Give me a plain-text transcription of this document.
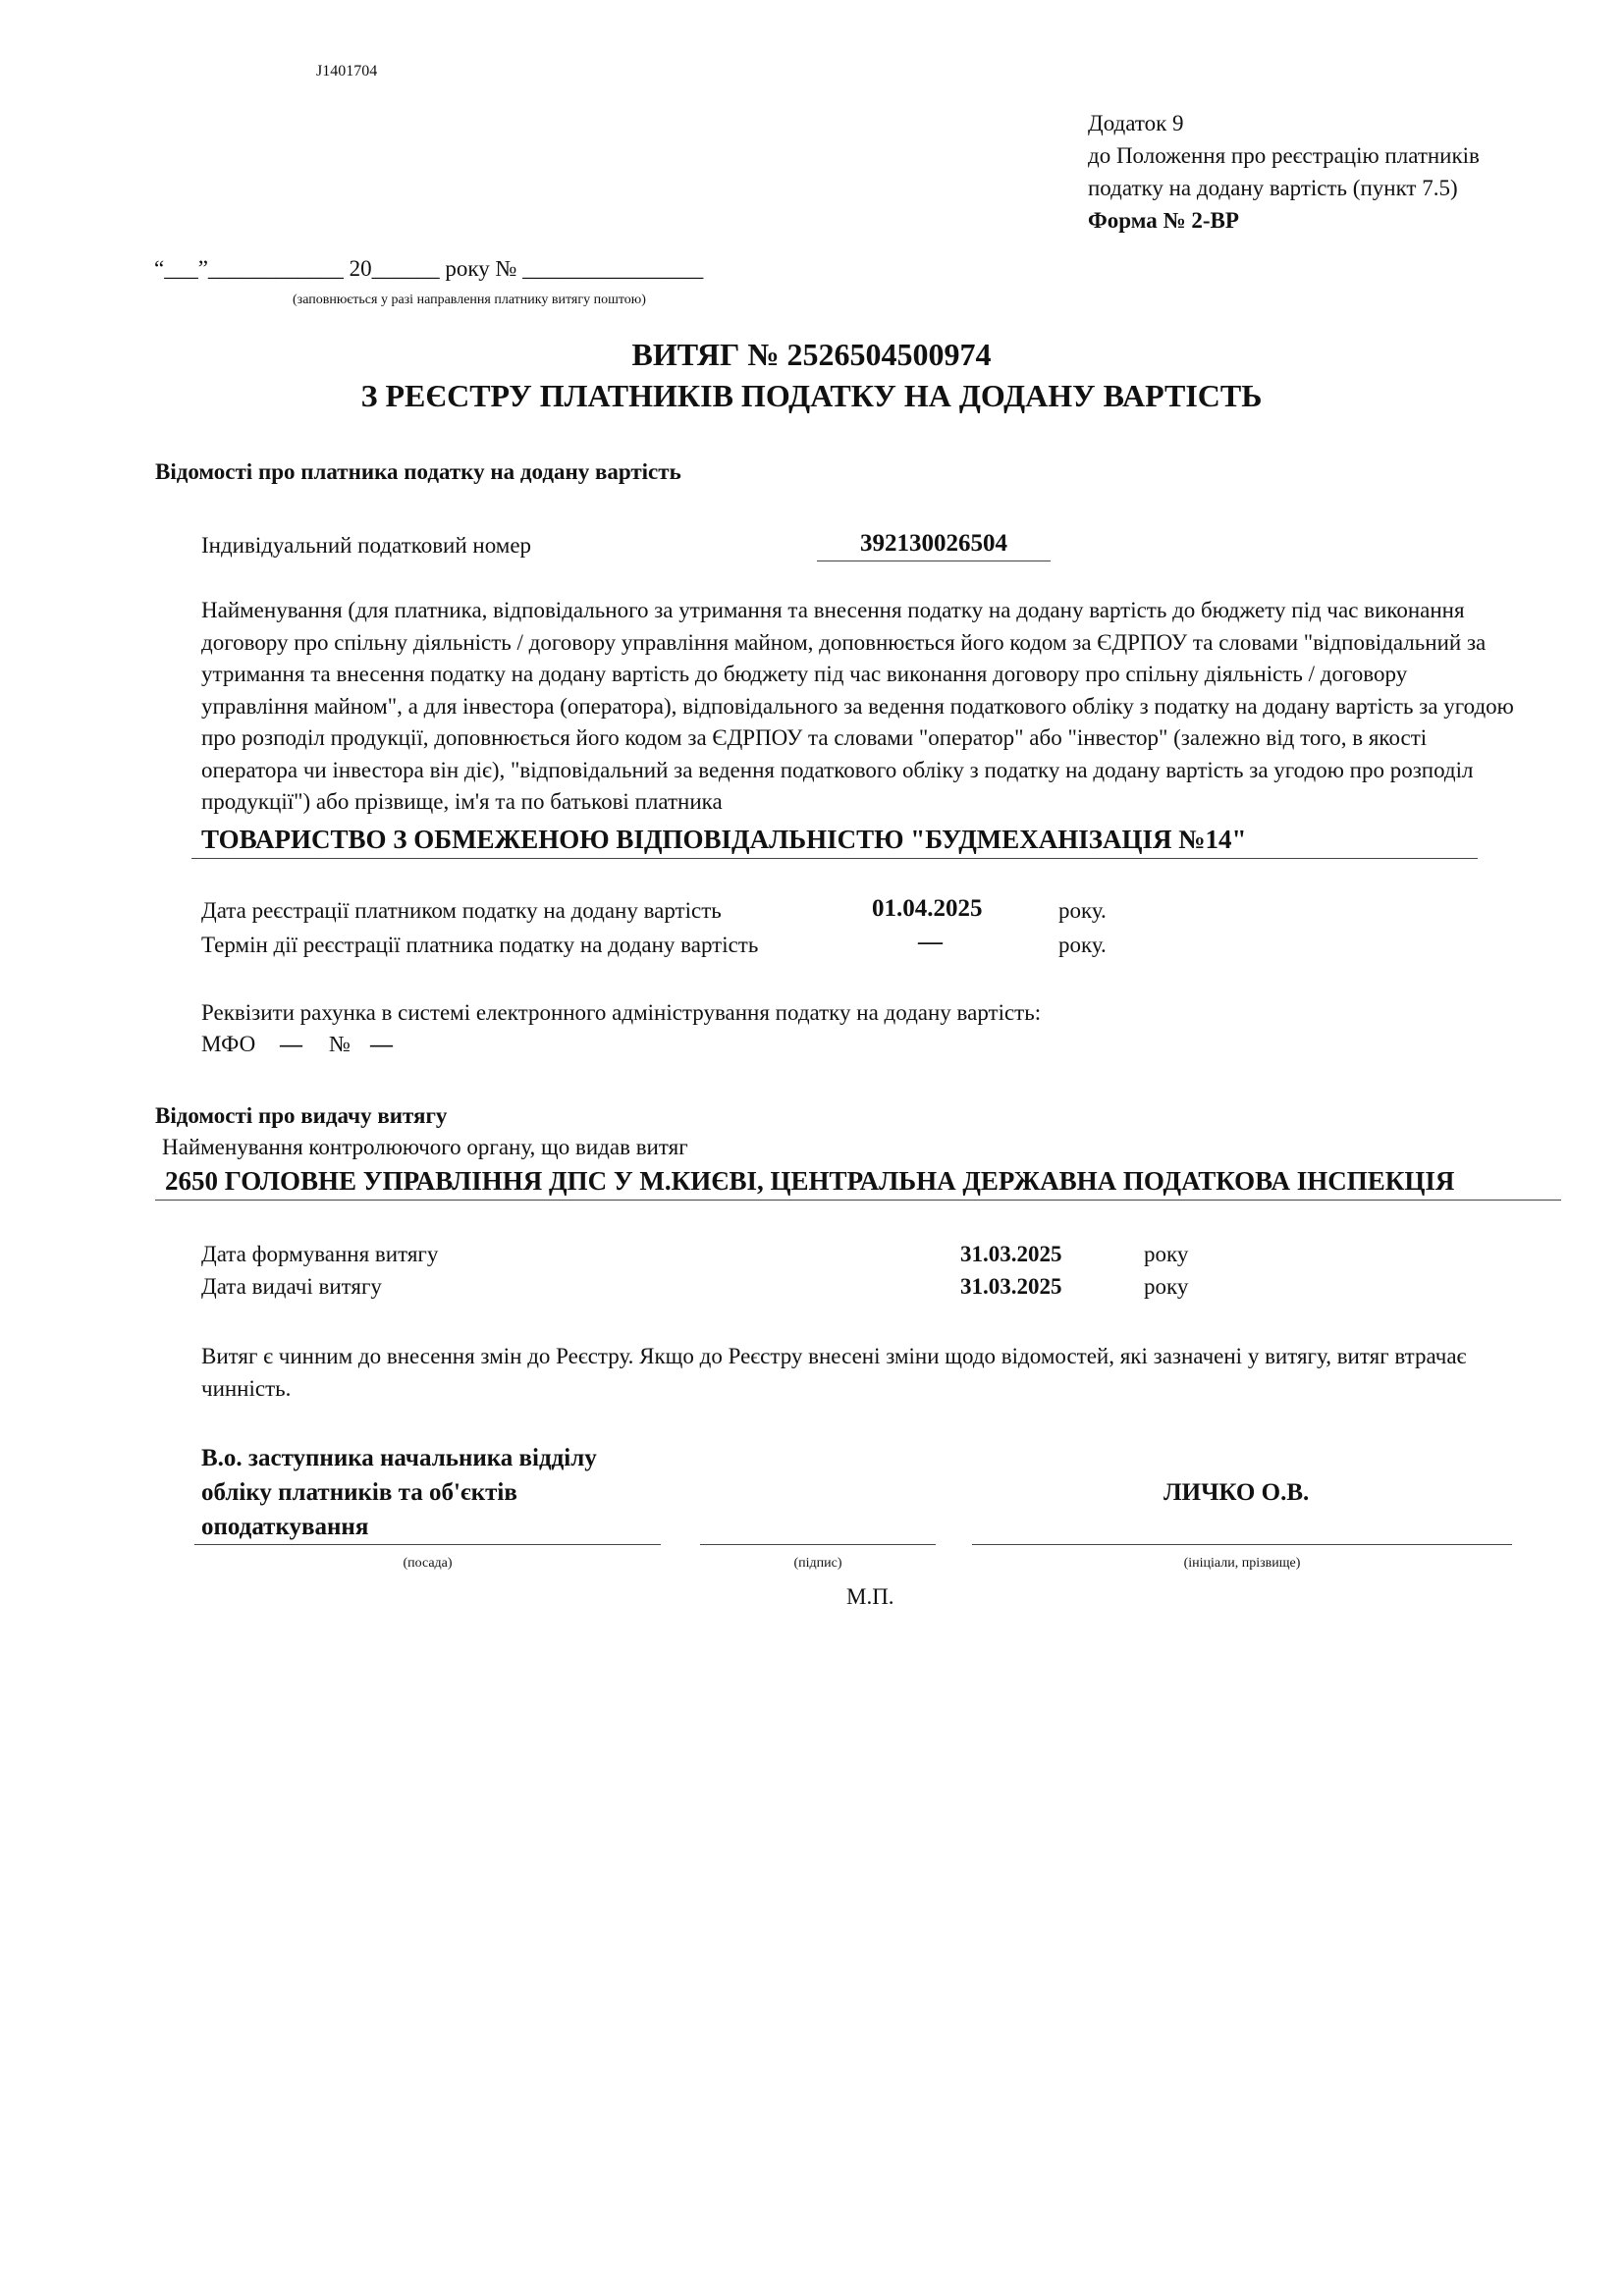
J1401704
Додаток 9
до Положення про реєстрацію платників
податку на додану вартість (пункт 7.5)
Форма № 2-ВР
“___”____________ 20______ року № ________________
(заповнюється у разі направлення платнику витягу поштою)
ВИТЯГ № 2526504500974
З РЕЄСТРУ ПЛАТНИКІВ ПОДАТКУ НА ДОДАНУ ВАРТІСТЬ
Відомості про платника податку на додану вартість
Індивідуальний податковий номер	392130026504
Найменування (для платника, відповідального за утримання та внесення податку на додану вартість до бюджету під час виконання договору про спільну діяльність / договору управління майном, доповнюється його кодом за ЄДРПОУ та словами "відповідальний за утримання та внесення податку на додану вартість до бюджету під час виконання договору про спільну діяльність / договору управління майном", а для інвестора (оператора), відповідального за ведення податкового обліку з податку на додану вартість за угодою про розподіл продукції, доповнюється його кодом за ЄДРПОУ та словами "оператор" або "інвестор" (залежно від того, в якості оператора чи інвестора він діє), "відповідальний за ведення податкового обліку з податку на додану вартість за угодою про розподіл продукції") або прізвище, ім'я та по батькові платника
ТОВАРИСТВО З ОБМЕЖЕНОЮ ВІДПОВІДАЛЬНІСТЮ "БУДМЕХАНІЗАЦІЯ №14"
Дата реєстрації платником податку на додану вартість	01.04.2025	року.
Термін дії реєстрації платника податку на додану вартість	—	року.
Реквізити рахунка в системі електронного адміністрування податку на додану вартість:
МФО — № —
Відомості про видачу витягу
Найменування контролюючого органу, що видав витяг
2650 ГОЛОВНЕ УПРАВЛІННЯ ДПС У М.КИЄВІ, ЦЕНТРАЛЬНА ДЕРЖАВНА ПОДАТКОВА ІНСПЕКЦІЯ
Дата формування витягу	31.03.2025	року
Дата видачі витягу	31.03.2025	року
Витяг є чинним до внесення змін до Реєстру. Якщо до Реєстру внесені зміни щодо відомостей, які зазначені у витягу, витяг втрачає чинність.
В.о. заступника начальника відділу
обліку платників та об'єктів
оподаткування
ЛИЧКО О.В.
(посада)	(підпис)	(ініціали, прізвище)
М.П.
